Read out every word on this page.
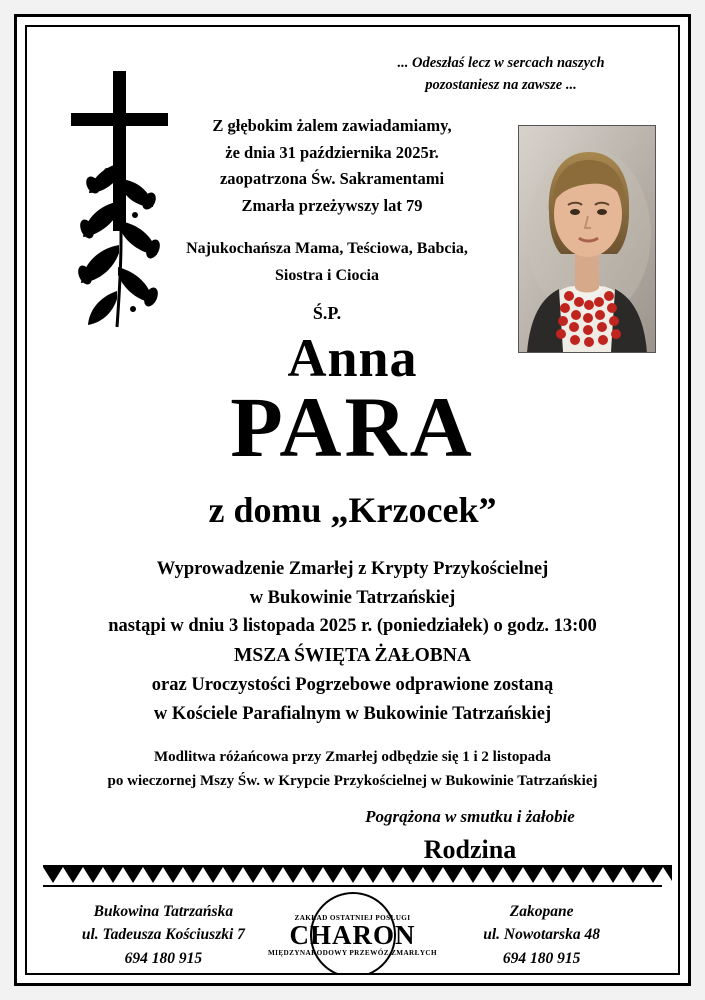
... Odeszłaś lecz w sercach naszych
pozostaniesz na zawsze ...
Z głębokim żalem zawiadamiamy,
że dnia 31 października 2025r.
zaopatrzona Św. Sakramentami
Zmarła przeżywszy lat 79
Najukochańsza Mama, Teściowa, Babcia,
Siostra i Ciocia
Ś.P.
Anna
PARA
z domu „Krzocek”
Wyprowadzenie Zmarłej z Krypty Przykościelnej
w Bukowinie Tatrzańskiej
nastąpi w dniu 3 listopada 2025 r. (poniedziałek) o godz. 13:00
MSZA ŚWIĘTA ŻAŁOBNA
oraz Uroczystości Pogrzebowe odprawione zostaną
w Kościele Parafialnym w Bukowinie Tatrzańskiej
Modlitwa różańcowa przy Zmarłej odbędzie się 1 i 2 listopada
po wieczornej Mszy Św. w Krypcie Przykościelnej w Bukowinie Tatrzańskiej
Pogrążona w smutku i żałobie
Rodzina
Bukowina Tatrzańska
ul. Tadeusza Kościuszki 7
694 180 915
ZAKŁAD OSTATNIEJ POSŁUGI
CHARON
MIĘDZYNARODOWY PRZEWÓZ ZMARŁYCH
Zakopane
ul. Nowotarska 48
694 180 915
